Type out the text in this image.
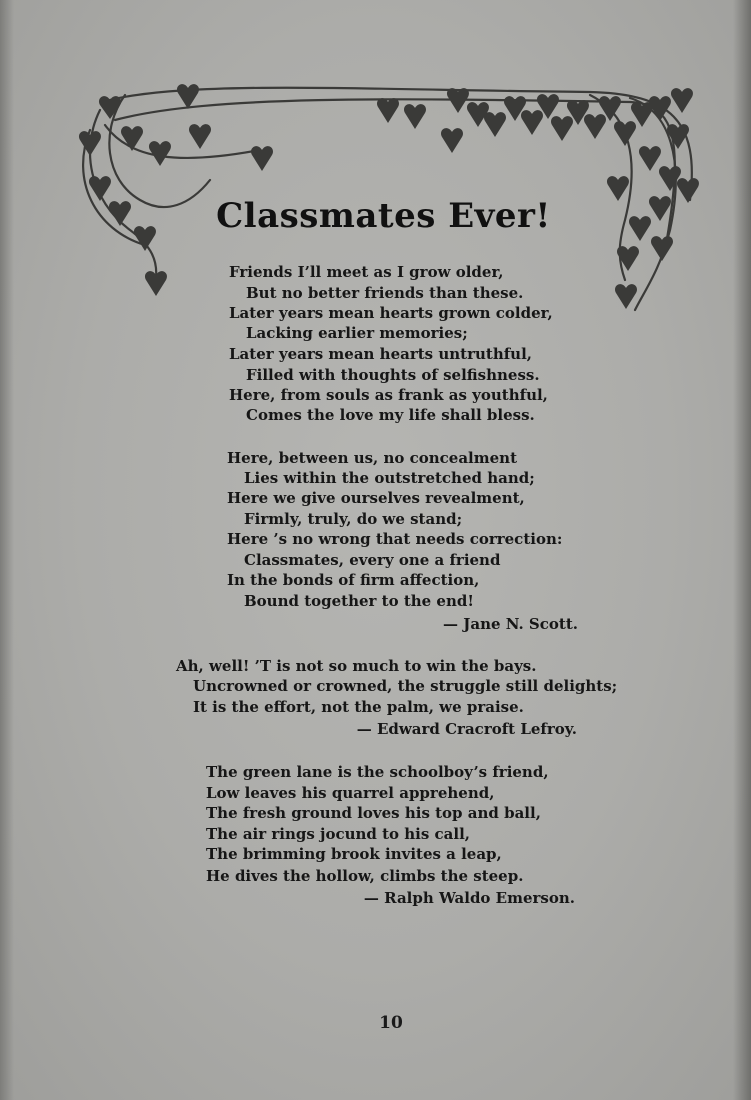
Classmates Ever!
Friends I’ll meet as I grow older,
But no better friends than these.
Later years mean hearts grown colder,
Lacking earlier memories;
Later years mean hearts untruthful,
Filled with thoughts of selfishness.
Here, from souls as frank as youthful,
Comes the love my life shall bless.
Here, between us, no concealment
Lies within the outstretched hand;
Here we give ourselves revealment,
Firmly, truly, do we stand;
Here ’s no wrong that needs correction:
Classmates, every one a friend
In the bonds of firm affection,
Bound together to the end!
— Jane N. Scott.
Ah, well! ’T is not so much to win the bays.
Uncrowned or crowned, the struggle still delights;
It is the effort, not the palm, we praise.
— Edward Cracroft Lefroy.
The green lane is the schoolboy’s friend,
Low leaves his quarrel apprehend,
The fresh ground loves his top and ball,
The air rings jocund to his call,
The brimming brook invites a leap,
He dives the hollow, climbs the steep.
— Ralph Waldo Emerson.
10
